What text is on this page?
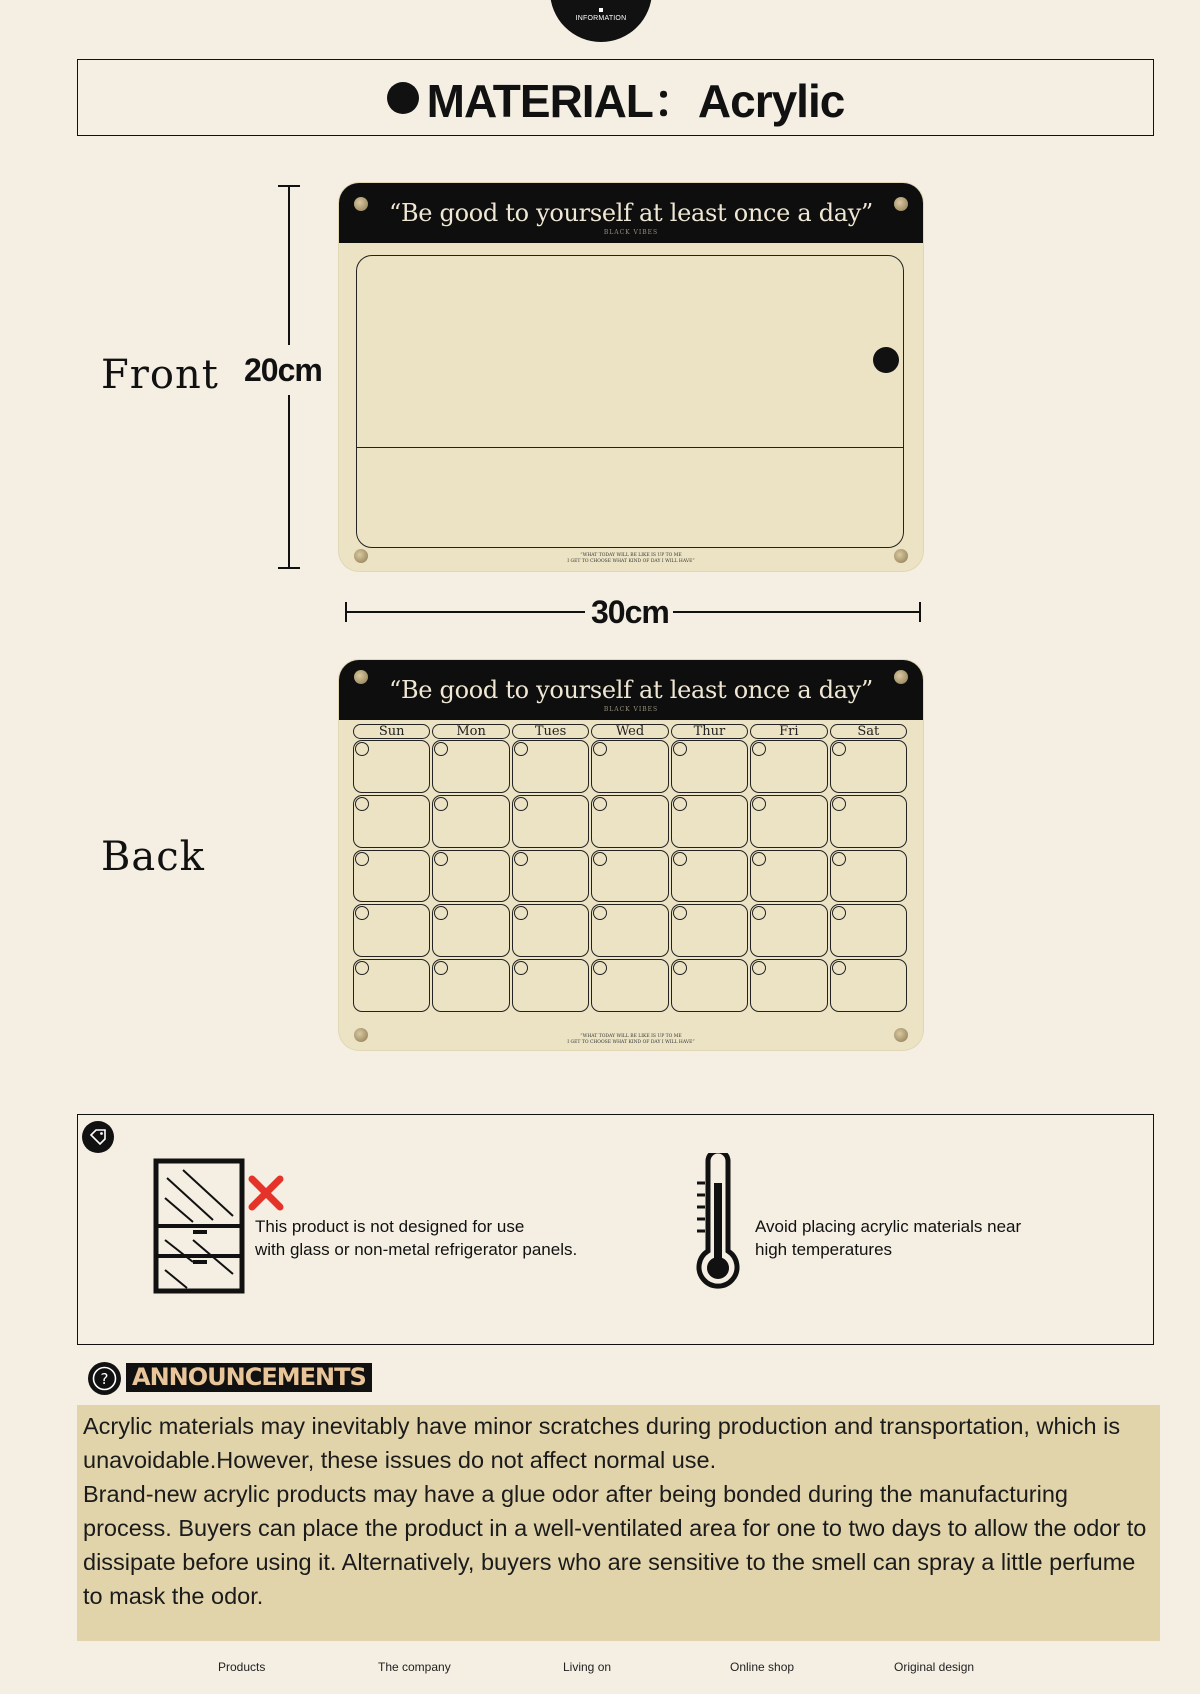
INFORMATION
MATERIAL：Acrylic
Front 20cm
“Be good to yourself at least once a day”
BLACK VIBES
“WHAT TODAY WILL BE LIKE IS UP TO ME
I GET TO CHOOSE WHAT KIND OF DAY I WILL HAVE”
30cm
Back
“Be good to yourself at least once a day”
BLACK VIBES
Sun	Mon	Tues	Wed	Thur	Fri	Sat
“WHAT TODAY WILL BE LIKE IS UP TO ME
I GET TO CHOOSE WHAT KIND OF DAY I WILL HAVE”
This product is not designed for use
with glass or non-metal refrigerator panels.
Avoid placing acrylic materials near
high temperatures
? ANNOUNCEMENTS

Acrylic materials may inevitably have minor scratches during production and transportation, which is unavoidable.However, these issues do not affect normal use.

Brand-new acrylic products may have a glue odor after being bonded during the manufacturing process. Buyers can place the product in a well-ventilated area for one to two days to allow the odor to dissipate before using it. Alternatively, buyers who are sensitive to the smell can spray a little perfume to mask the odor.

Products	The company	Living on	Online shop	Original design
